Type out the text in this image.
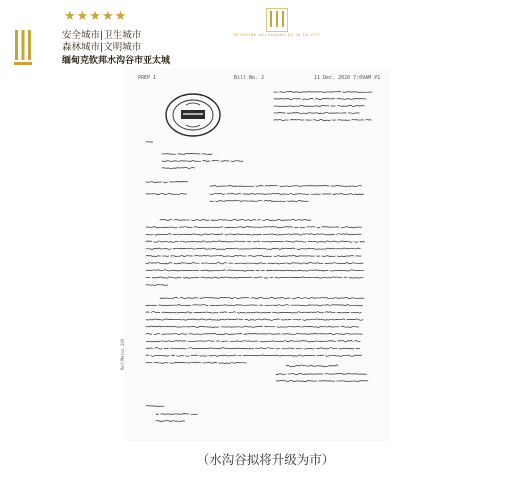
★★★★★
安全城市|卫生城市
森林城市|文明城市
缅甸克钦邦水沟谷市亚太城
MYITKYINA WAI SHAUNG KU YA TAI CITY
PREP 1	Bill No. 2	11 Dec. 2020 7:09AM P1
Ref/Meiss 200
（水沟谷拟将升级为市）
